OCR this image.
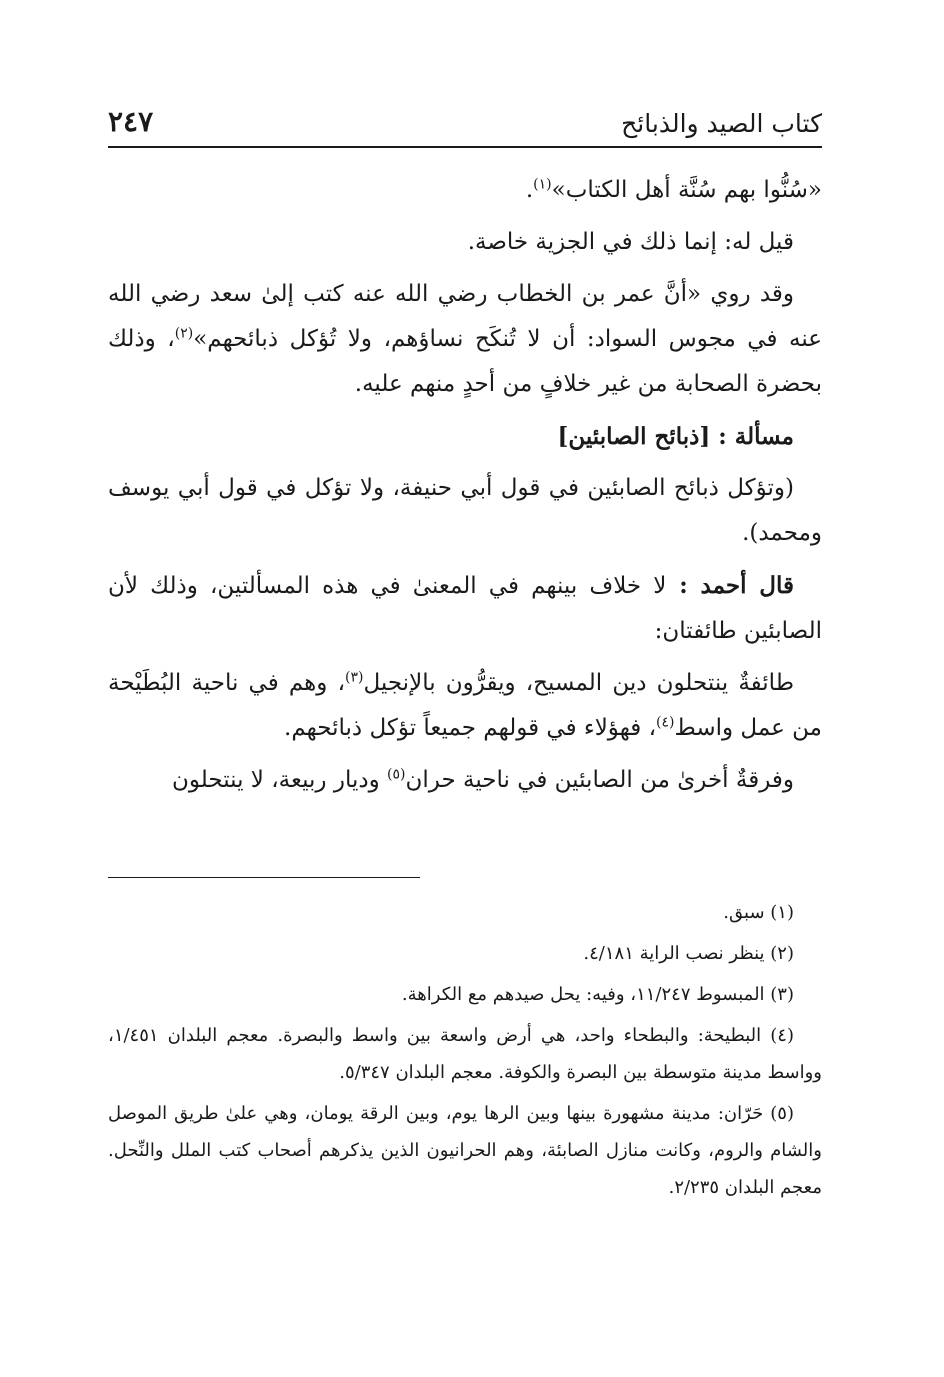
كتاب الصيد والذبائح
٢٤٧

«سُنُّوا بهم سُنَّة أهل الكتاب»$^{(١)}$.

قيل له: إنما ذلك في الجزية خاصة.

وقد روي «أنَّ عمر بن الخطاب رضي الله عنه كتب إلىٰ سعد رضي الله عنه في مجوس السواد: أن لا تُنكَح نساؤهم، ولا تُؤكل ذبائحهم»$^{(٢)}$، وذلك بحضرة الصحابة من غير خلافٍ من أحدٍ منهم عليه.

مسألة : [ذبائح الصابئين]

(وتؤكل ذبائح الصابئين في قول أبي حنيفة، ولا تؤكل في قول أبي يوسف ومحمد).

قال أحمد : لا خلاف بينهم في المعنىٰ في هذه المسألتين، وذلك لأن الصابئين طائفتان:

طائفةٌ ينتحلون دين المسيح، ويقرُّون بالإنجيل$^{(٣)}$، وهم في ناحية البُطَيْحة من عمل واسط$^{(٤)}$، فهؤلاء في قولهم جميعاً تؤكل ذبائحهم.

وفرقةٌ أخرىٰ من الصابئين في ناحية حران$^{(٥)}$ وديار ربيعة، لا ينتحلون

(١) سبق.

(٢) ينظر نصب الراية ٤/١٨١.

(٣) المبسوط ١١/٢٤٧، وفيه: يحل صيدهم مع الكراهة.

(٤) البطيحة: والبطحاء واحد، هي أرض واسعة بين واسط والبصرة. معجم البلدان ١/٤٥١، وواسط مدينة متوسطة بين البصرة والكوفة. معجم البلدان ٥/٣٤٧.

(٥) حَرّان: مدينة مشهورة بينها وبين الرها يوم، وبين الرقة يومان، وهي علىٰ طريق الموصل والشام والروم، وكانت منازل الصابئة، وهم الحرانيون الذين يذكرهم أصحاب كتب الملل والنِّحل. معجم البلدان ٢/٢٣٥.
